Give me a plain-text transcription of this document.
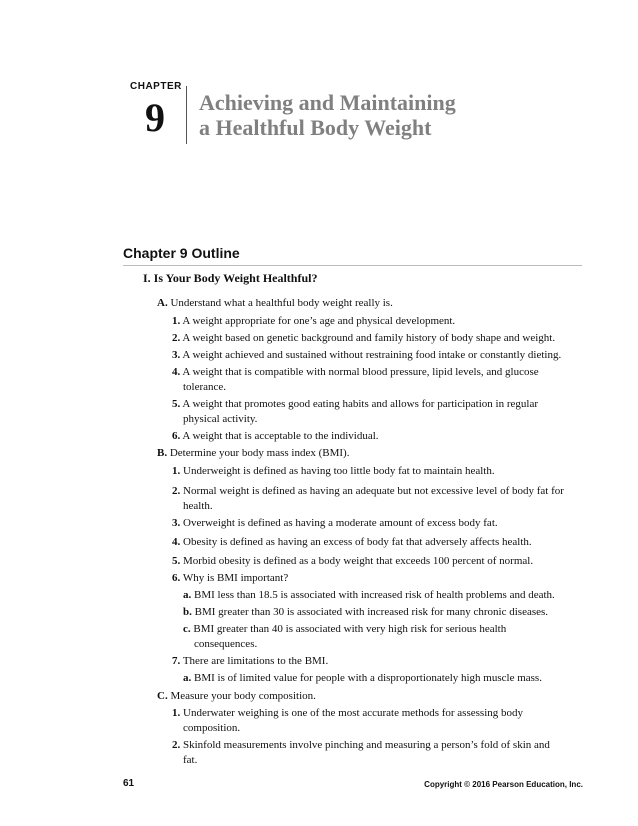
CHAPTER
9	Achieving and Maintaining
a Healthful Body Weight
Chapter 9 Outline
I. Is Your Body Weight Healthful?
A. Understand what a healthful body weight really is.
1. A weight appropriate for one’s age and physical development.
2. A weight based on genetic background and family history of body shape and weight.
3. A weight achieved and sustained without restraining food intake or constantly dieting.
4. A weight that is compatible with normal blood pressure, lipid levels, and glucose
tolerance.
5. A weight that promotes good eating habits and allows for participation in regular
physical activity.
6. A weight that is acceptable to the individual.
B. Determine your body mass index (BMI).
1. Underweight is defined as having too little body fat to maintain health.
2. Normal weight is defined as having an adequate but not excessive level of body fat for
health.
3. Overweight is defined as having a moderate amount of excess body fat.
4. Obesity is defined as having an excess of body fat that adversely affects health.
5. Morbid obesity is defined as a body weight that exceeds 100 percent of normal.
6. Why is BMI important?
a. BMI less than 18.5 is associated with increased risk of health problems and death.
b. BMI greater than 30 is associated with increased risk for many chronic diseases.
c. BMI greater than 40 is associated with very high risk for serious health
consequences.
7. There are limitations to the BMI.
a. BMI is of limited value for people with a disproportionately high muscle mass.
C. Measure your body composition.
1. Underwater weighing is one of the most accurate methods for assessing body
composition.
2. Skinfold measurements involve pinching and measuring a person’s fold of skin and
fat.
61	Copyright © 2016 Pearson Education, Inc.
